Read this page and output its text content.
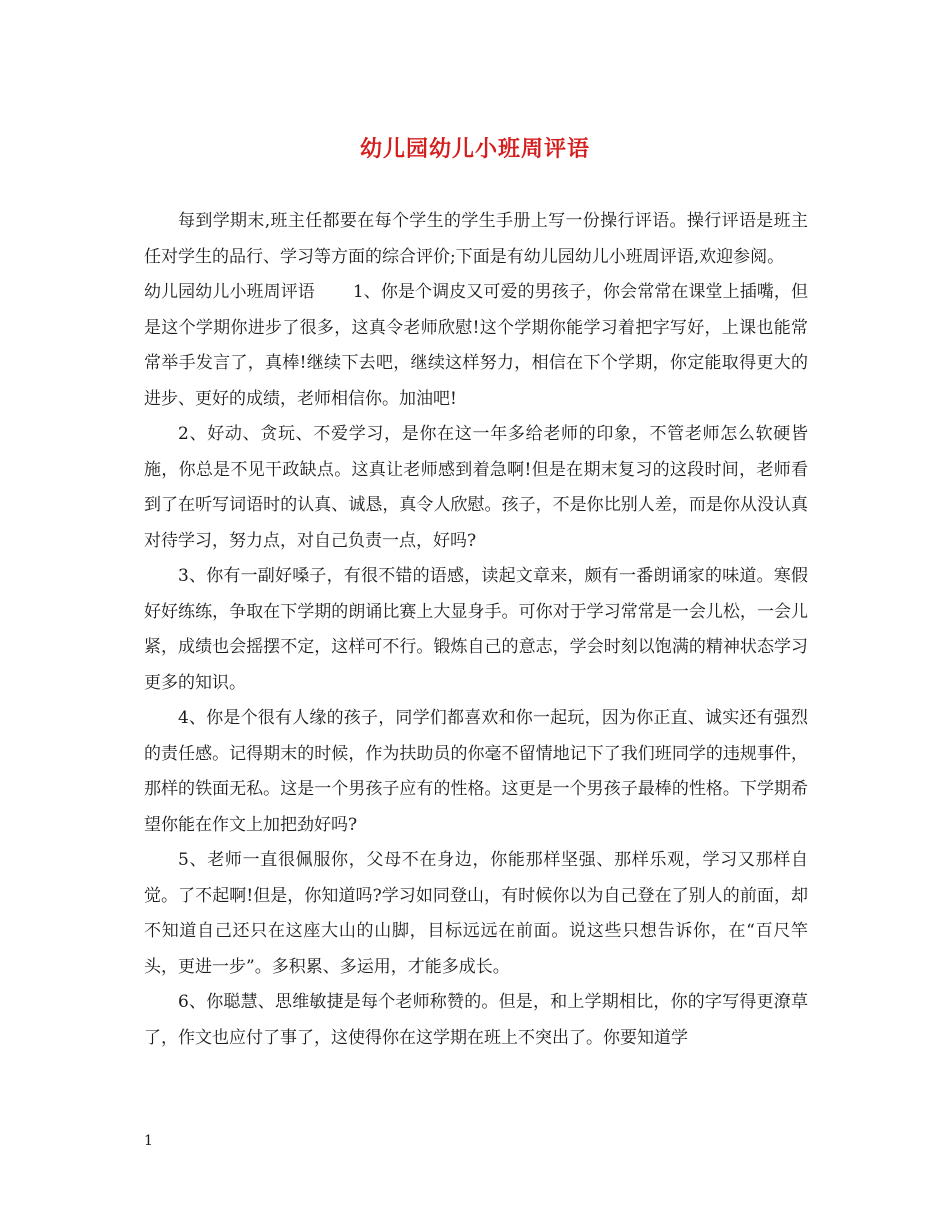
幼儿园幼儿小班周评语

每到学期末,班主任都要在每个学生的学生手册上写一份操行评语。操行评语是班主任对学生的品行、学习等方面的综合评价;下面是有幼儿园幼儿小班周评语,欢迎参阅。

幼儿园幼儿小班周评语 1、你是个调皮又可爱的男孩子，你会常常在课堂上插嘴，但是这个学期你进步了很多，这真令老师欣慰!这个学期你能学习着把字写好，上课也能常常举手发言了，真棒!继续下去吧，继续这样努力，相信在下个学期，你定能取得更大的进步、更好的成绩，老师相信你。加油吧!

2、好动、贪玩、不爱学习，是你在这一年多给老师的印象，不管老师怎么软硬皆施，你总是不见干政缺点。这真让老师感到着急啊!但是在期末复习的这段时间，老师看到了在听写词语时的认真、诚恳，真令人欣慰。孩子，不是你比别人差，而是你从没认真对待学习，努力点，对自己负责一点，好吗?

3、你有一副好嗓子，有很不错的语感，读起文章来，颇有一番朗诵家的味道。寒假好好练练，争取在下学期的朗诵比赛上大显身手。可你对于学习常常是一会儿松，一会儿紧，成绩也会摇摆不定，这样可不行。锻炼自己的意志，学会时刻以饱满的精神状态学习更多的知识。

4、你是个很有人缘的孩子，同学们都喜欢和你一起玩，因为你正直、诚实还有强烈的责任感。记得期末的时候，作为扶助员的你毫不留情地记下了我们班同学的违规事件，那样的铁面无私。这是一个男孩子应有的性格。这更是一个男孩子最棒的性格。下学期希望你能在作文上加把劲好吗?

5、老师一直很佩服你，父母不在身边，你能那样坚强、那样乐观，学习又那样自觉。了不起啊!但是，你知道吗?学习如同登山，有时候你以为自己登在了别人的前面，却不知道自己还只在这座大山的山脚，目标远远在前面。说这些只想告诉你，在“百尺竿头，更进一步”。多积累、多运用，才能多成长。

6、你聪慧、思维敏捷是每个老师称赞的。但是，和上学期相比，你的字写得更潦草了，作文也应付了事了，这使得你在这学期在班上不突出了。你要知道学

1
